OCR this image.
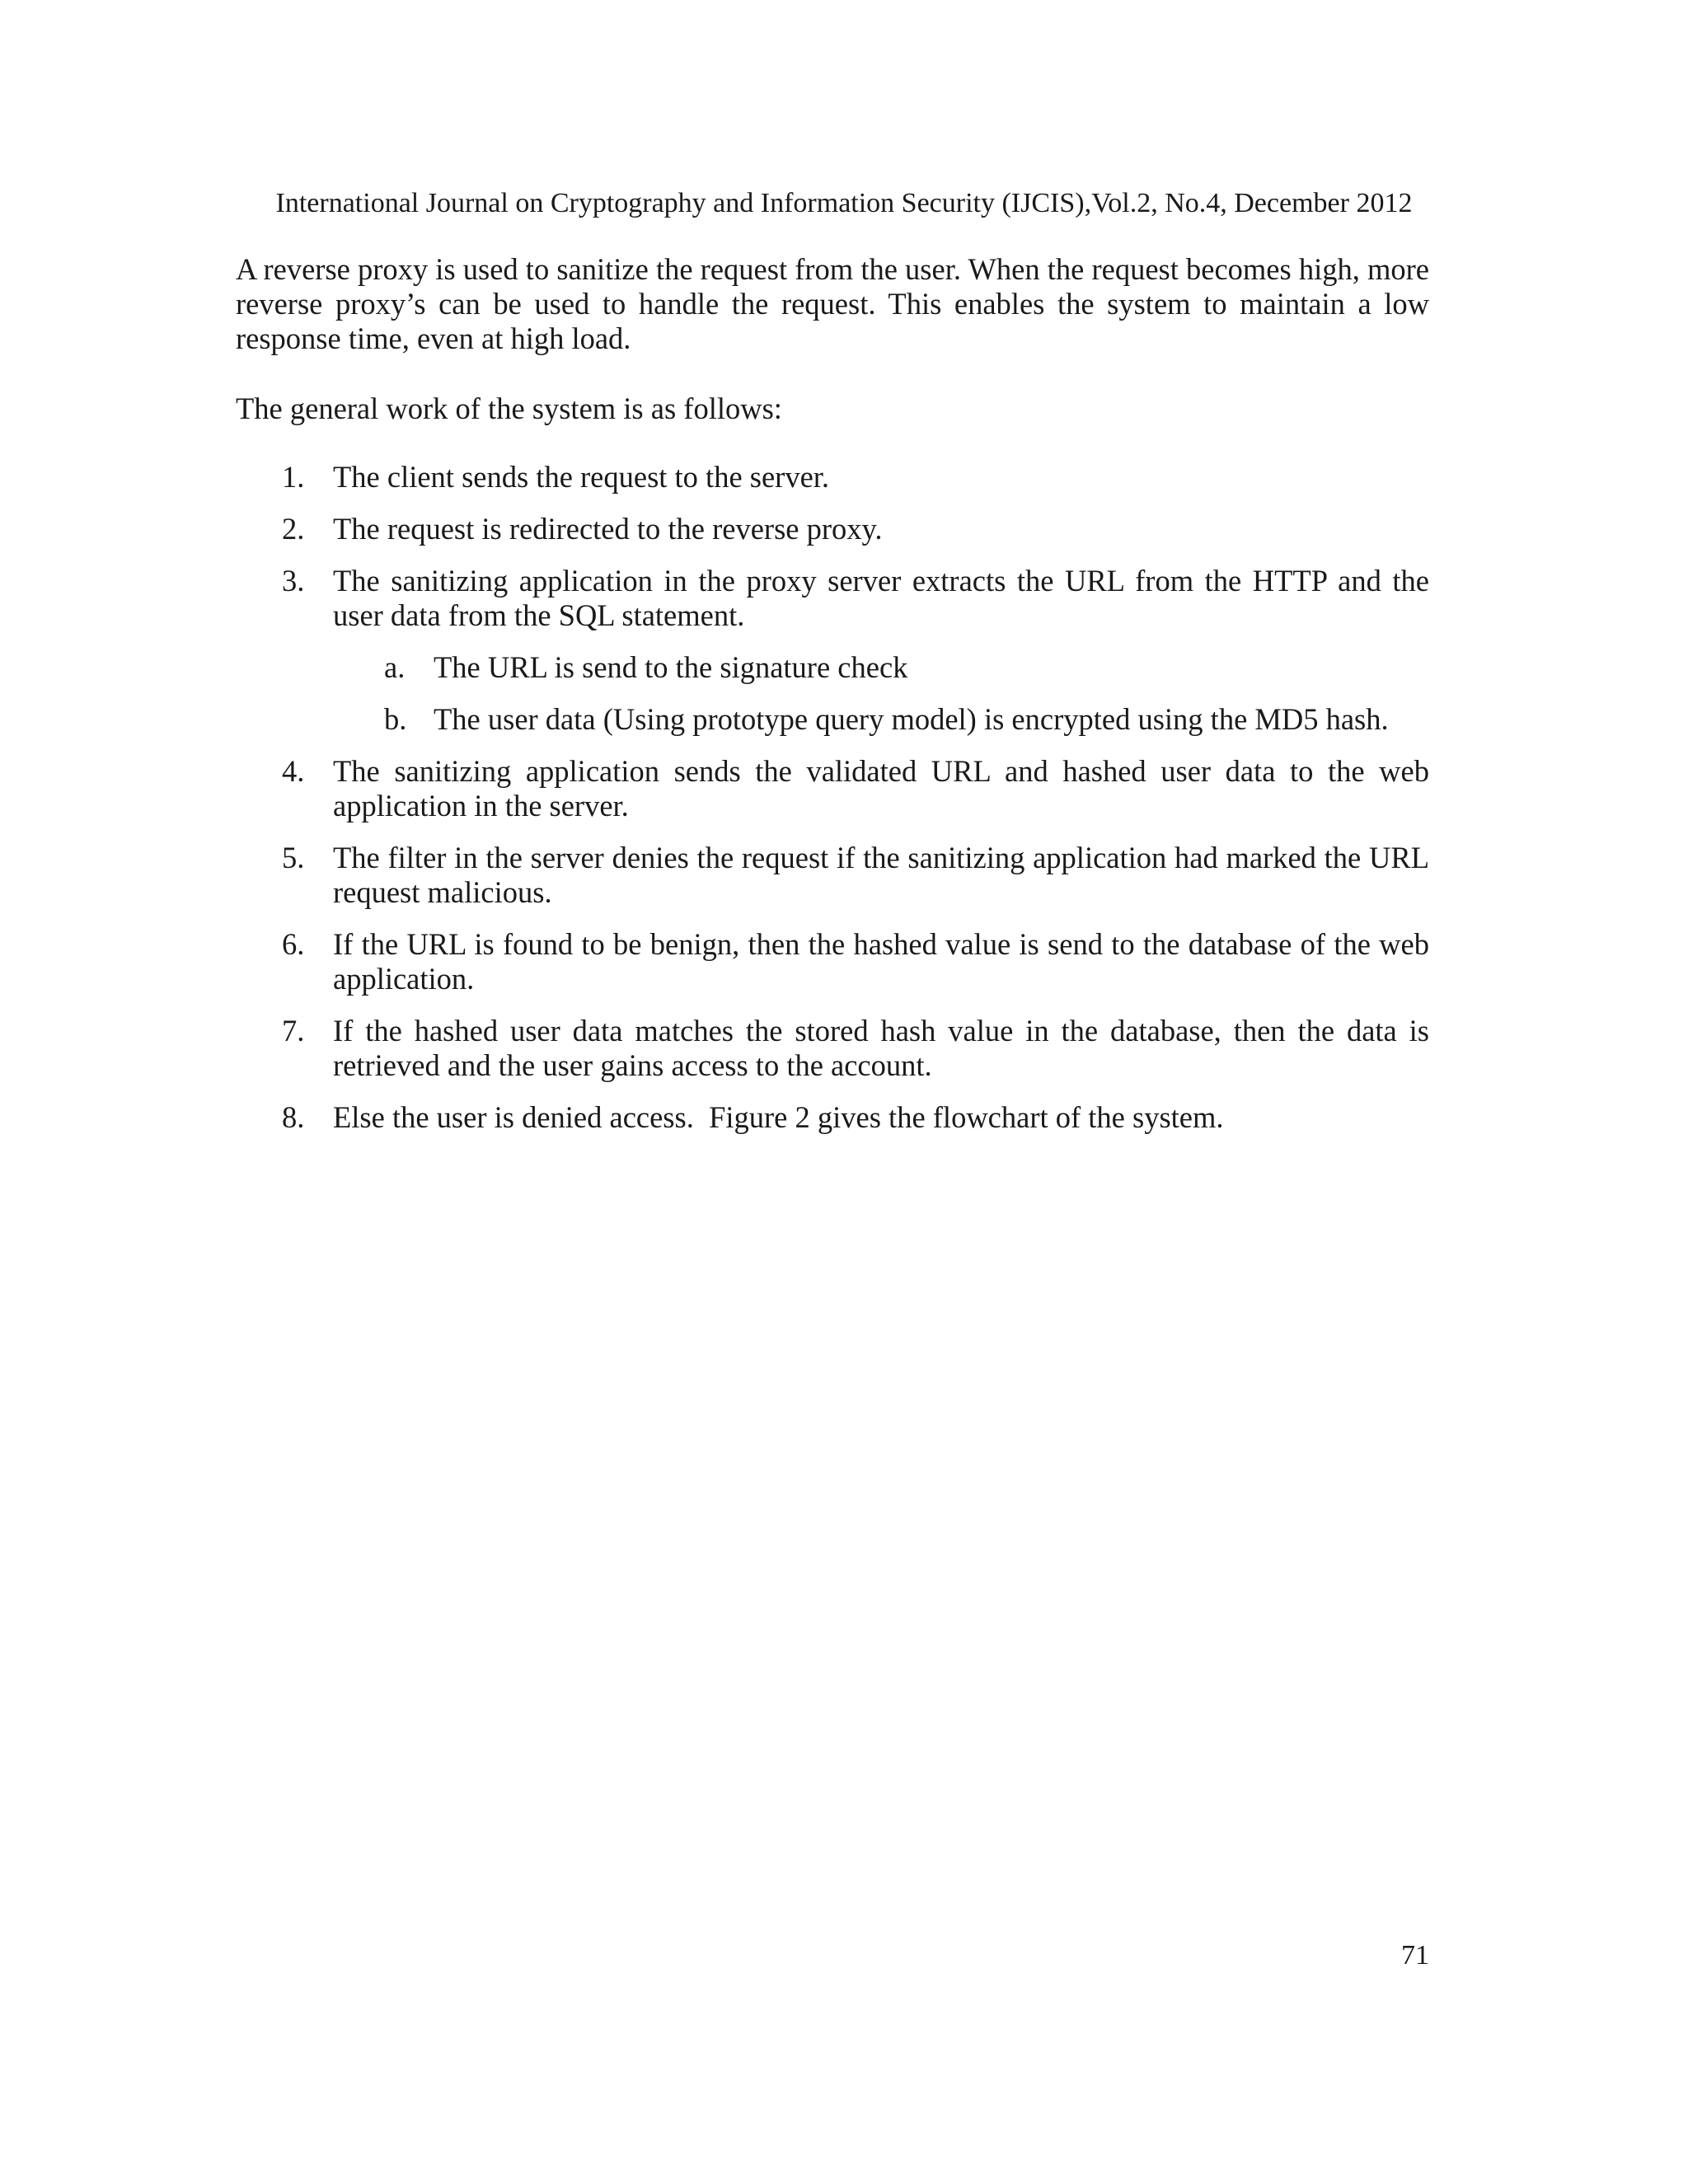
International Journal on Cryptography and Information Security (IJCIS),Vol.2, No.4, December 2012

A reverse proxy is used to sanitize the request from the user. When the request becomes high, more reverse proxy’s can be used to handle the request. This enables the system to maintain a low response time, even at high load.

The general work of the system is as follows:

1. The client sends the request to the server.
2. The request is redirected to the reverse proxy.
3. The sanitizing application in the proxy server extracts the URL from the HTTP and the user data from the SQL statement.
a. The URL is send to the signature check
b. The user data (Using prototype query model) is encrypted using the MD5 hash.
4. The sanitizing application sends the validated URL and hashed user data to the web application in the server.
5. The filter in the server denies the request if the sanitizing application had marked the URL request malicious.
6. If the URL is found to be benign, then the hashed value is send to the database of the web application.
7. If the hashed user data matches the stored hash value in the database, then the data is retrieved and the user gains access to the account.
8. Else the user is denied access.  Figure 2 gives the flowchart of the system.
71
